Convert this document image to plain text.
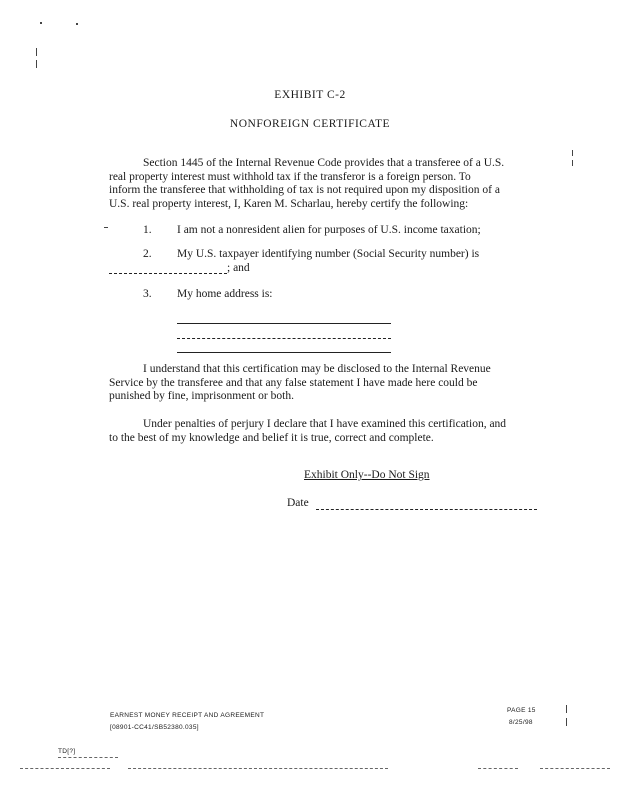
EXHIBIT C-2
NONFOREIGN CERTIFICATE
Section 1445 of the Internal Revenue Code provides that a transferee of a U.S.
real property interest must withhold tax if the transferor is a foreign person. To
inform the transferee that withholding of tax is not required upon my disposition of a
U.S. real property interest, I, Karen M. Scharlau, hereby certify the following:
1. I am not a nonresident alien for purposes of U.S. income taxation;
2. My U.S. taxpayer identifying number (Social Security number) is
; and
3. My home address is:
I understand that this certification may be disclosed to the Internal Revenue
Service by the transferee and that any false statement I have made here could be
punished by fine, imprisonment or both.
Under penalties of perjury I declare that I have examined this certification, and
to the best of my knowledge and belief it is true, correct and complete.
Exhibit Only--Do Not Sign
Date
EARNEST MONEY RECEIPT AND AGREEMENT
[08901-CC41/SB52380.035]
PAGE 15
8/25/98
TD[?]
